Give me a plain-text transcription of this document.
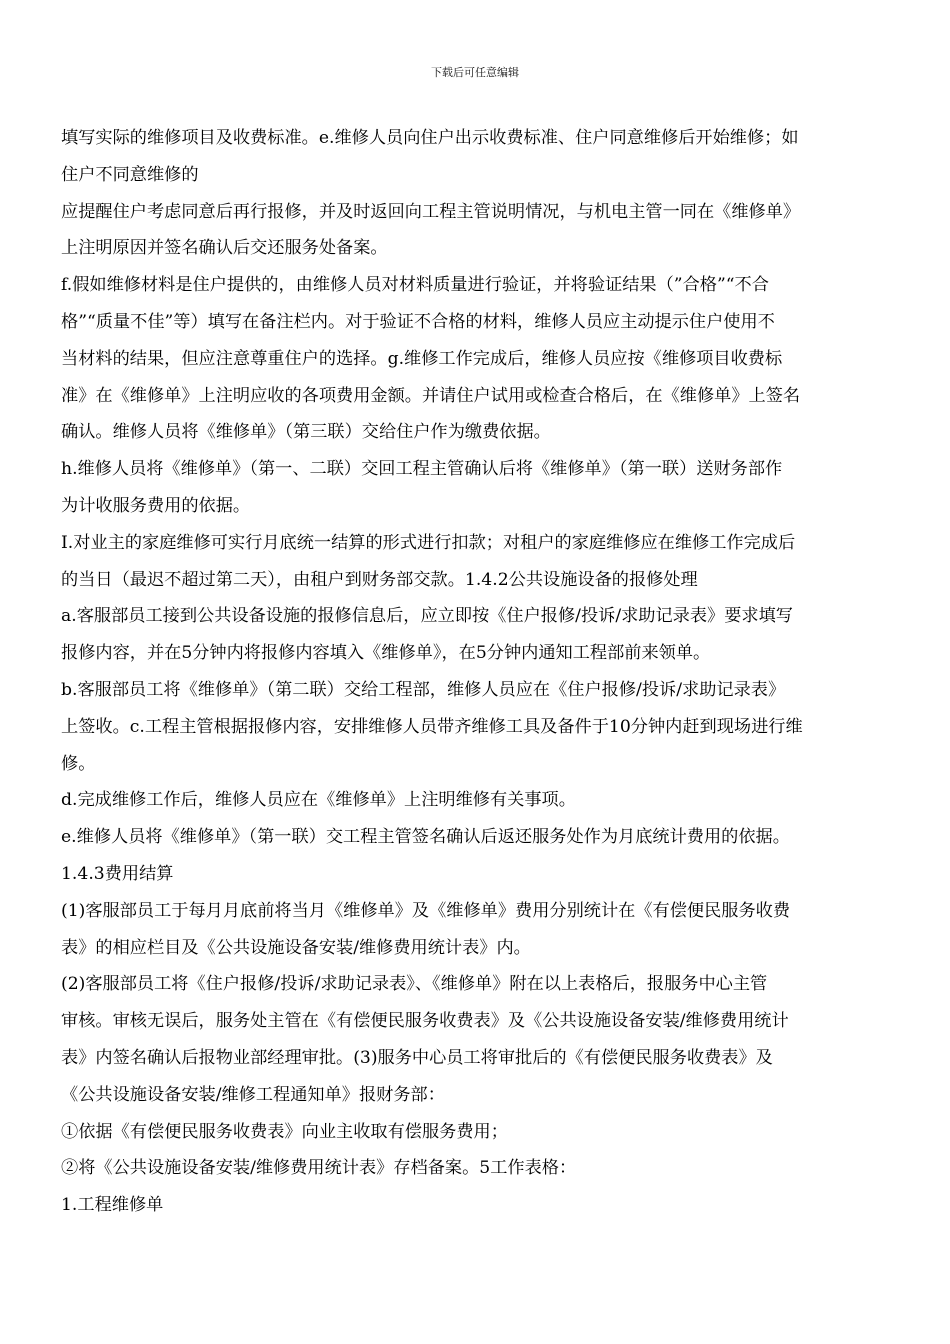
下载后可任意编辑
填写实际的维修项目及收费标准。e.维修人员向住户出示收费标准、住户同意维修后开始维修；如
住户不同意维修的
应提醒住户考虑同意后再行报修，并及时返回向工程主管说明情况，与机电主管一同在《维修单》
上注明原因并签名确认后交还服务处备案。
f.假如维修材料是住户提供的，由维修人员对材料质量进行验证，并将验证结果（”合格”“不合
格”“质量不佳”等）填写在备注栏内。对于验证不合格的材料，维修人员应主动提示住户使用不
当材料的结果，但应注意尊重住户的选择。g.维修工作完成后，维修人员应按《维修项目收费标
准》在《维修单》上注明应收的各项费用金额。并请住户试用或检查合格后，在《维修单》上签名
确认。维修人员将《维修单》（第三联）交给住户作为缴费依据。
h.维修人员将《维修单》（第一、二联）交回工程主管确认后将《维修单》（第一联）送财务部作
为计收服务费用的依据。
I.对业主的家庭维修可实行月底统一结算的形式进行扣款；对租户的家庭维修应在维修工作完成后
的当日（最迟不超过第二天），由租户到财务部交款。1.4.2公共设施设备的报修处理
a.客服部员工接到公共设备设施的报修信息后，应立即按《住户报修/投诉/求助记录表》要求填写
报修内容，并在5分钟内将报修内容填入《维修单》，在5分钟内通知工程部前来领单。
b.客服部员工将《维修单》（第二联）交给工程部，维修人员应在《住户报修/投诉/求助记录表》
上签收。c.工程主管根据报修内容，安排维修人员带齐维修工具及备件于10分钟内赶到现场进行维
修。
d.完成维修工作后，维修人员应在《维修单》上注明维修有关事项。
e.维修人员将《维修单》（第一联）交工程主管签名确认后返还服务处作为月底统计费用的依据。
1.4.3费用结算
(1)客服部员工于每月月底前将当月《维修单》及《维修单》费用分别统计在《有偿便民服务收费
表》的相应栏目及《公共设施设备安装/维修费用统计表》内。
(2)客服部员工将《住户报修/投诉/求助记录表》、《维修单》附在以上表格后，报服务中心主管
审核。审核无误后，服务处主管在《有偿便民服务收费表》及《公共设施设备安装/维修费用统计
表》内签名确认后报物业部经理审批。(3)服务中心员工将审批后的《有偿便民服务收费表》及
《公共设施设备安装/维修工程通知单》报财务部：
①依据《有偿便民服务收费表》向业主收取有偿服务费用；
②将《公共设施设备安装/维修费用统计表》存档备案。5工作表格：
1.工程维修单
